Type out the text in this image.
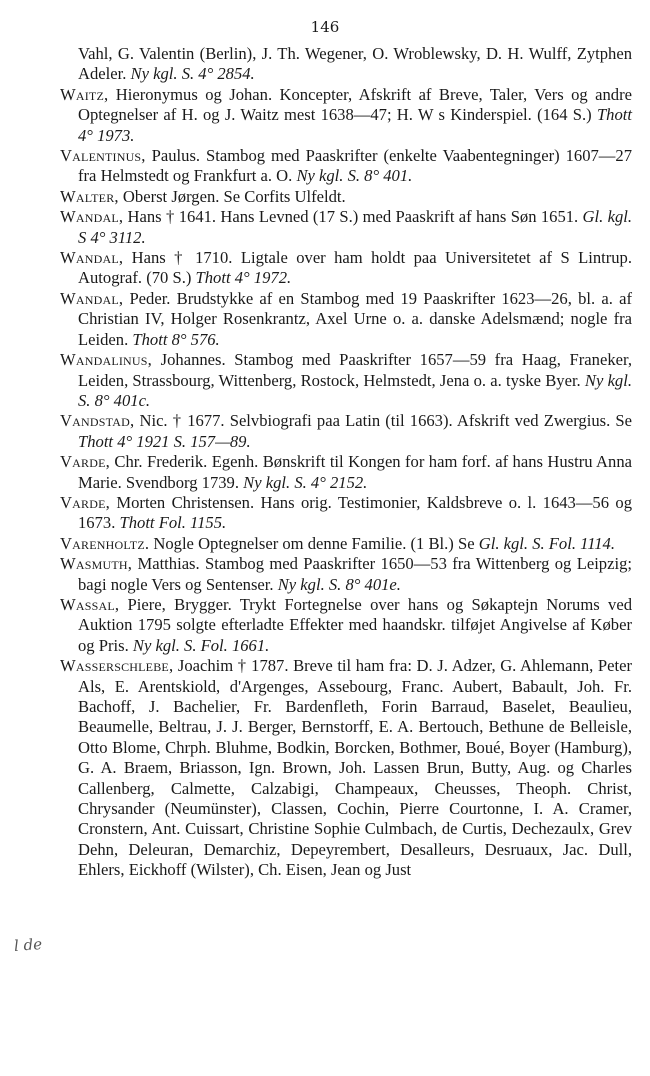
146

Vahl, G. Valentin (Berlin), J. Th. Wegener, O. Wroblewsky, D. H. Wulff, Zytphen Adeler. Ny kgl. S. 4° 2854.

Waitz, Hieronymus og Johan. Koncepter, Afskrift af Breve, Taler, Vers og andre Optegnelser af H. og J. Waitz mest 1638—47; H. W s Kinderspiel. (164 S.) Thott 4° 1973.

Valentinus, Paulus. Stambog med Paaskrifter (enkelte Vaabentegninger) 1607—27 fra Helmstedt og Frankfurt a. O. Ny kgl. S. 8° 401.

Walter, Oberst Jørgen. Se Corfits Ulfeldt.

Wandal, Hans † 1641. Hans Levned (17 S.) med Paaskrift af hans Søn 1651. Gl. kgl. S 4° 3112.

Wandal, Hans † 1710. Ligtale over ham holdt paa Universitetet af S Lintrup. Autograf. (70 S.) Thott 4° 1972.

Wandal, Peder. Brudstykke af en Stambog med 19 Paaskrifter 1623—26, bl. a. af Christian IV, Holger Rosenkrantz, Axel Urne o. a. danske Adelsmænd; nogle fra Leiden. Thott 8° 576.

Wandalinus, Johannes. Stambog med Paaskrifter 1657—59 fra Haag, Franeker, Leiden, Strassbourg, Wittenberg, Rostock, Helmstedt, Jena o. a. tyske Byer. Ny kgl. S. 8° 401c.

Vandstad, Nic. † 1677. Selvbiografi paa Latin (til 1663). Afskrift ved Zwergius. Se Thott 4° 1921 S. 157—89.

Varde, Chr. Frederik. Egenh. Bønskrift til Kongen for ham forf. af hans Hustru Anna Marie. Svendborg 1739. Ny kgl. S. 4° 2152.

Varde, Morten Christensen. Hans orig. Testimonier, Kaldsbreve o. l. 1643—56 og 1673. Thott Fol. 1155.

Varenholtz. Nogle Optegnelser om denne Familie. (1 Bl.) Se Gl. kgl. S. Fol. 1114.

Wasmuth, Matthias. Stambog med Paaskrifter 1650—53 fra Wittenberg og Leipzig; bagi nogle Vers og Sentenser. Ny kgl. S. 8° 401e.

Wassal, Piere, Brygger. Trykt Fortegnelse over hans og Søkaptejn Norums ved Auktion 1795 solgte efterladte Effekter med haandskr. tilføjet Angivelse af Køber og Pris. Ny kgl. S. Fol. 1661.

Wasserschlebe, Joachim † 1787. Breve til ham fra: D. J. Adzer, G. Ahlemann, Peter Als, E. Arentskiold, d'Argenges, Assebourg, Franc. Aubert, Babault, Joh. Fr. Bachoff, J. Bachelier, Fr. Bardenfleth, Forin Barraud, Baselet, Beaulieu, Beaumelle, Beltrau, J. J. Berger, Bernstorff, E. A. Bertouch, Bethune de Belleisle, Otto Blome, Chrph. Bluhme, Bodkin, Borcken, Bothmer, Boué, Boyer (Hamburg), G. A. Braem, Briasson, Ign. Brown, Joh. Lassen Brun, Butty, Aug. og Charles Callenberg, Calmette, Calzabigi, Champeaux, Cheusses, Theoph. Christ, Chrysander (Neumünster), Classen, Cochin, Pierre Courtonne, I. A. Cramer, Cronstern, Ant. Cuissart, Christine Sophie Culmbach, de Curtis, Dechezaulx, Grev Dehn, Deleuran, Demarchiz, Depeyrembert, Desalleurs, Desruaux, Jac. Dull, Ehlers, Eickhoff (Wilster), Ch. Eisen, Jean og Just

l de
